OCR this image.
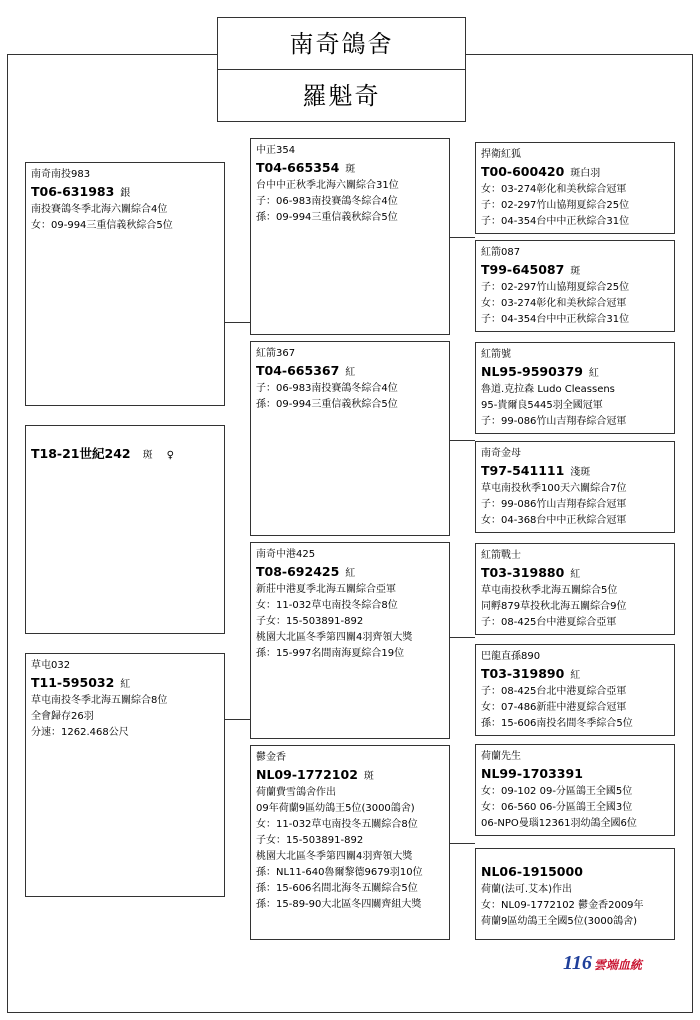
南奇鴿舍
羅魁奇
南奇南投983
T06-631983 銀
南投賽鴿冬季北海六關綜合4位
女：09-994三重信義秋綜合5位
T18-21世紀242 斑 ♀
草屯032
T11-595032 紅
草屯南投冬季北海五關綜合8位
全會歸存26羽
分速：1262.468公尺
中正354
T04-665354 斑
台中中正秋季北海六關綜合31位
子：06-983南投賽鴿冬綜合4位
孫：09-994三重信義秋綜合5位
紅箭367
T04-665367 紅
子：06-983南投賽鴿冬綜合4位
孫：09-994三重信義秋綜合5位
南奇中港425
T08-692425 紅
新莊中港夏季北海五關綜合亞軍
女：11-032草屯南投冬綜合8位
子女：15-503891-892
桃園大北區冬季第四關4羽齊領大獎
孫：15-997名間南海夏綜合19位
鬱金香
NL09-1772102 斑
荷蘭費雪鴿舍作出
09年荷蘭9區幼鴿王5位(3000鴿舍)
女：11-032草屯南投冬五關綜合8位
子女：15-503891-892
桃園大北區冬季第四關4羽齊領大獎
孫：NL11-640魯爾黎德9679羽10位
孫：15-606名間北海冬五關綜合5位
孫：15-89-90大北區冬四關齊組大獎
捍衛紅狐
T00-600420 斑白羽
女：03-274彰化和美秋綜合冠軍
子：02-297竹山協翔夏綜合25位
子：04-354台中中正秋綜合31位
紅箭087
T99-645087 斑
子：02-297竹山協翔夏綜合25位
女：03-274彰化和美秋綜合冠軍
子：04-354台中中正秋綜合31位
紅箭號
NL95-9590379 紅
魯道.克拉森 Ludo Cleassens
95-貴爾良5445羽全國冠軍
子：99-086竹山吉翔春綜合冠軍
南奇金母
T97-541111 淺斑
草屯南投秋季100天六關綜合7位
子：99-086竹山吉翔春綜合冠軍
女：04-368台中中正秋綜合冠軍
紅箭戰士
T03-319880 紅
草屯南投秋季北海五關綜合5位
同孵879草投秋北海五關綜合9位
子：08-425台中港夏綜合亞軍
巴龍直孫890
T03-319890 紅
子：08-425台北中港夏綜合亞軍
女：07-486新莊中港夏綜合冠軍
孫：15-606南投名間冬季綜合5位
荷蘭先生
NL99-1703391
女：09-102 09-分區鴿王全國5位
女：06-560 06-分區鴿王全國3位
06-NPO曼瑙12361羽幼鴿全國6位
NL06-1915000
荷蘭(法可.艾本)作出
女：NL09-1772102 鬱金香2009年
荷蘭9區幼鴿王全國5位(3000鴿舍)
116 雲端血統
